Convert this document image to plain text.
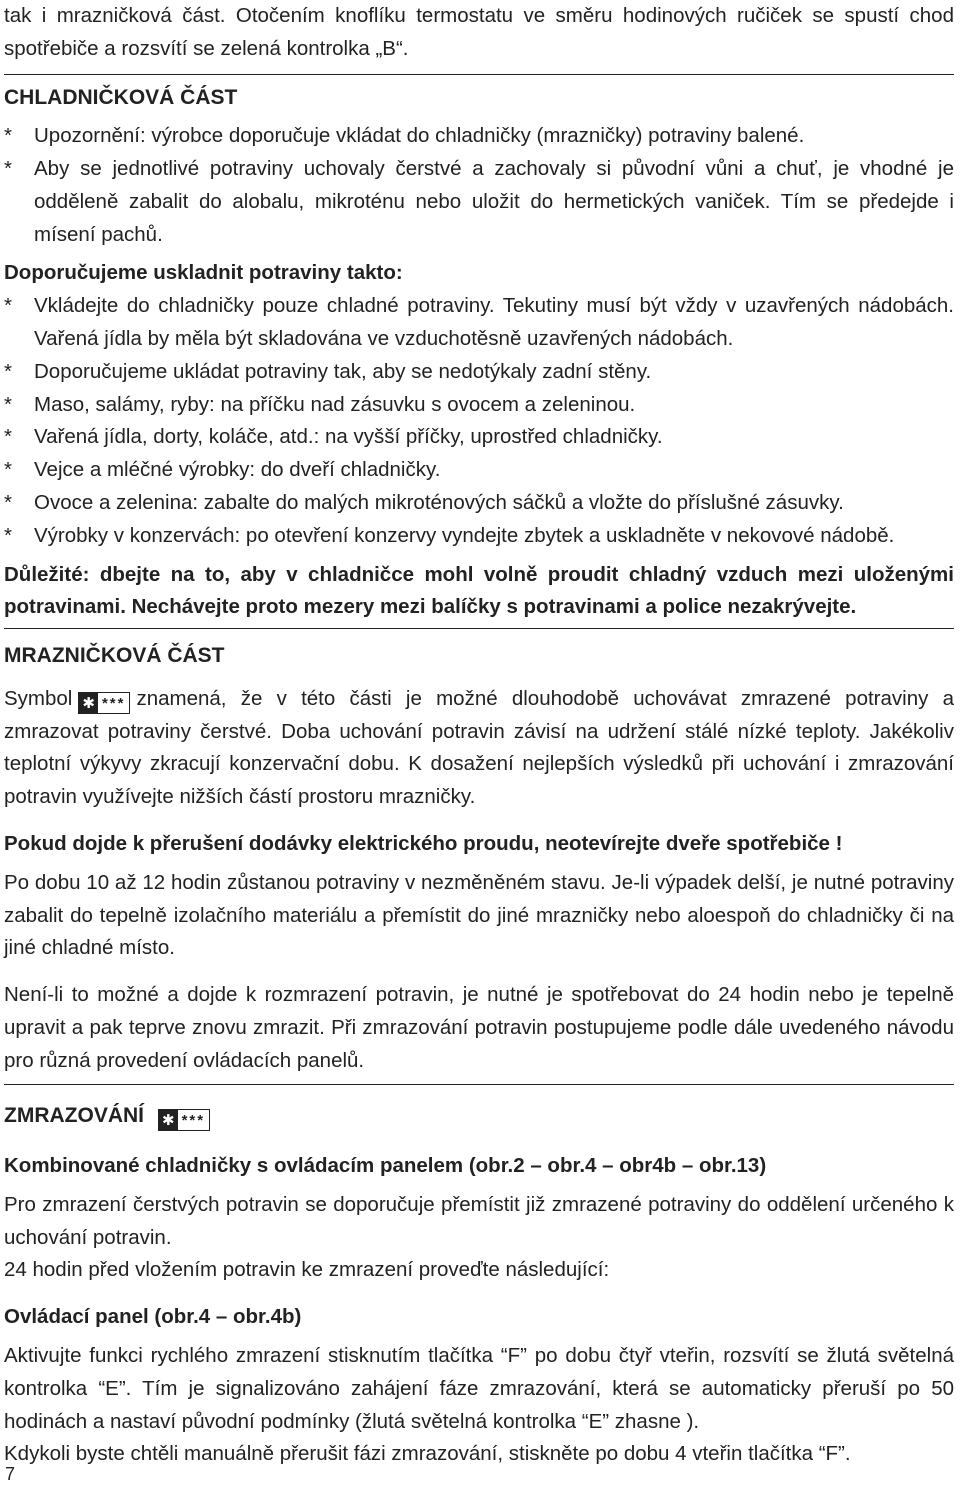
tak i mrazničková část. Otočením knoflíku termostatu ve směru hodinových ručiček se spustí chod spotřebiče a rozsvítí se zelená kontrolka „B“.

CHLADNIČKOVÁ ČÁST

* Upozornění: výrobce doporučuje vkládat do chladničky (mrazničky) potraviny balené.
* Aby se jednotlivé potraviny uchovaly čerstvé a zachovaly si původní vůni a chuť, je vhodné je odděleně zabalit do alobalu, mikroténu nebo uložit do hermetických vaniček. Tím se předejde i mísení pachů.

Doporučujeme uskladnit potraviny takto:

* Vkládejte do chladničky pouze chladné potraviny. Tekutiny musí být vždy v uzavřených nádobách. Vařená jídla by měla být skladována ve vzduchotěsně uzavřených nádobách.
* Doporučujeme ukládat potraviny tak, aby se nedotýkaly zadní stěny.
* Maso, salámy, ryby: na příčku nad zásuvku s ovocem a zeleninou.
* Vařená jídla, dorty, koláče, atd.: na vyšší příčky, uprostřed chladničky.
* Vejce a mléčné výrobky: do dveří chladničky.
* Ovoce a zelenina: zabalte do malých mikroténových sáčků a vložte do příslušné zásuvky.
* Výrobky v konzervách: po otevření konzervy vyndejte zbytek a uskladněte v nekovové nádobě.

Důležité: dbejte na to, aby v chladničce mohl volně proudit chladný vzduch mezi uloženými potravinami. Nechávejte proto mezery mezi balíčky s potravinami a police nezakrývejte.

MRAZNIČKOVÁ ČÁST

Symbol ✱ *** znamená, že v této části je možné dlouhodobě uchovávat zmrazené potraviny a zmrazovat potraviny čerstvé. Doba uchování potravin závisí na udržení stálé nízké teploty. Jakékoliv teplotní výkyvy zkracují konzervační dobu. K dosažení nejlepších výsledků při uchování i zmrazování potravin využívejte nižších částí prostoru mrazničky.

Pokud dojde k přerušení dodávky elektrického proudu, neotevírejte dveře spotřebiče !

Po dobu 10 až 12 hodin zůstanou potraviny v nezměněném stavu. Je-li výpadek delší, je nutné potraviny zabalit do tepelně izolačního materiálu a přemístit do jiné mrazničky nebo aloespoň do chladničky či na jiné chladné místo.

Není-li to možné a dojde k rozmrazení potravin, je nutné je spotřebovat do 24 hodin nebo je tepelně upravit a pak teprve znovu zmrazit. Při zmrazování potravin postupujeme podle dále uvedeného návodu pro různá provedení ovládacích panelů.

ZMRAZOVÁNÍ ✱ ***

Kombinované chladničky s ovládacím panelem (obr.2 – obr.4 – obr4b – obr.13)

Pro zmrazení čerstvých potravin se doporučuje přemístit již zmrazené potraviny do oddělení určeného k uchování potravin.

24 hodin před vložením potravin ke zmrazení proveďte následující:

Ovládací panel (obr.4 – obr.4b)

Aktivujte funkci rychlého zmrazení stisknutím tlačítka “F” po dobu čtyř vteřin, rozsvítí se žlutá světelná kontrolka “E”. Tím je signalizováno zahájení fáze zmrazování, která se automaticky přeruší po 50 hodinách a nastaví původní podmínky (žlutá světelná kontrolka “E” zhasne ).

Kdykoli byste chtěli manuálně přerušit fázi zmrazování, stiskněte po dobu 4 vteřin tlačítka “F”.

7
